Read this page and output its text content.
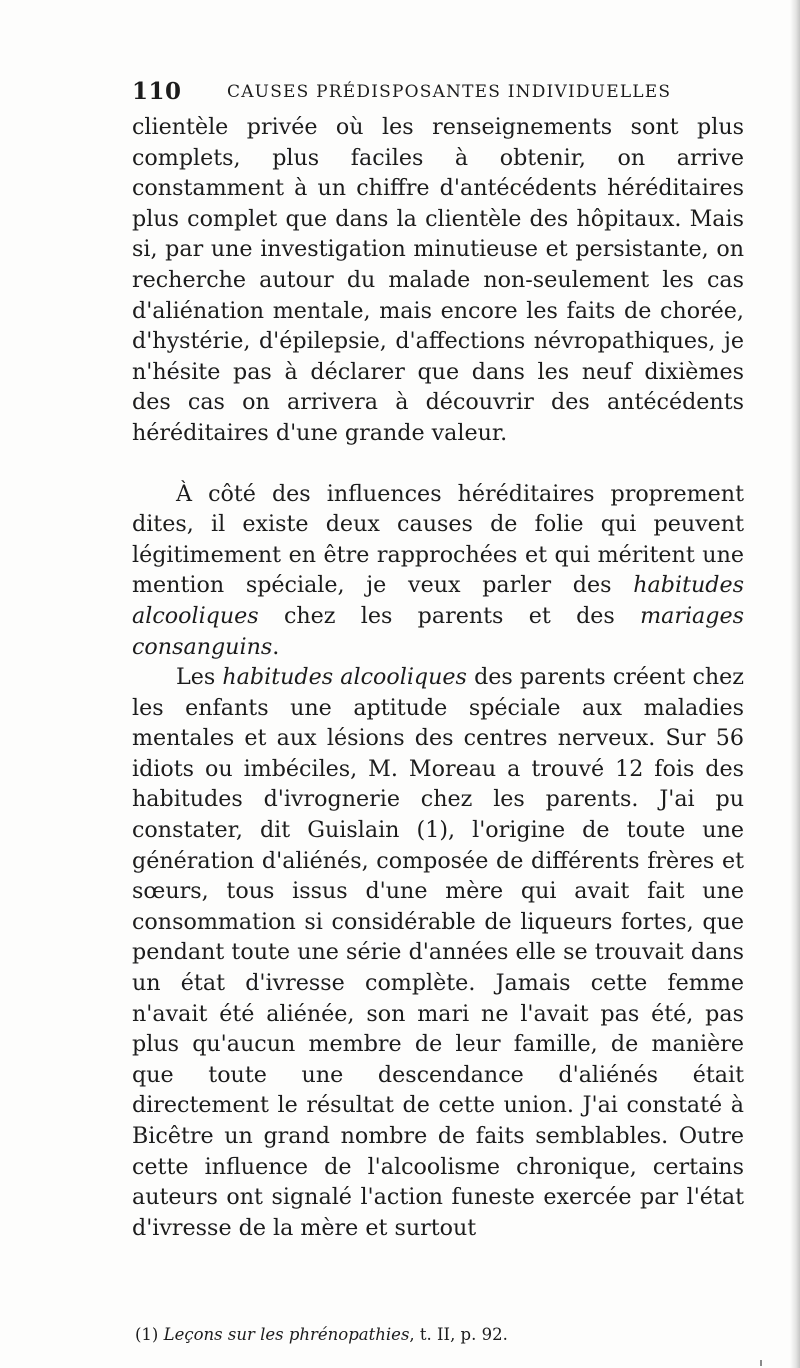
110	CAUSES PRÉDISPOSANTES INDIVIDUELLES

clientèle privée où les renseignements sont plus complets, plus faciles à obtenir, on arrive constamment à un chiffre d'antécédents héréditaires plus complet que dans la clientèle des hôpitaux. Mais si, par une investigation minutieuse et persistante, on recherche autour du malade non-seulement les cas d'aliénation mentale, mais encore les faits de chorée, d'hystérie, d'épilepsie, d'affections névropathiques, je n'hésite pas à déclarer que dans les neuf dixièmes des cas on arrivera à découvrir des antécédents héréditaires d'une grande valeur.

À côté des influences héréditaires proprement dites, il existe deux causes de folie qui peuvent légitimement en être rapprochées et qui méritent une mention spéciale, je veux parler des habitudes alcooliques chez les parents et des mariages consanguins.

Les habitudes alcooliques des parents créent chez les enfants une aptitude spéciale aux maladies mentales et aux lésions des centres nerveux. Sur 56 idiots ou imbéciles, M. Moreau a trouvé 12 fois des habitudes d'ivrognerie chez les parents. J'ai pu constater, dit Guislain (1), l'origine de toute une génération d'aliénés, composée de différents frères et sœurs, tous issus d'une mère qui avait fait une consommation si considérable de liqueurs fortes, que pendant toute une série d'années elle se trouvait dans un état d'ivresse complète. Jamais cette femme n'avait été aliénée, son mari ne l'avait pas été, pas plus qu'aucun membre de leur famille, de manière que toute une descendance d'aliénés était directement le résultat de cette union. J'ai constaté à Bicêtre un grand nombre de faits semblables. Outre cette influence de l'alcoolisme chronique, certains auteurs ont signalé l'action funeste exercée par l'état d'ivresse de la mère et surtout

(1) Leçons sur les phrénopathies, t. II, p. 92.
